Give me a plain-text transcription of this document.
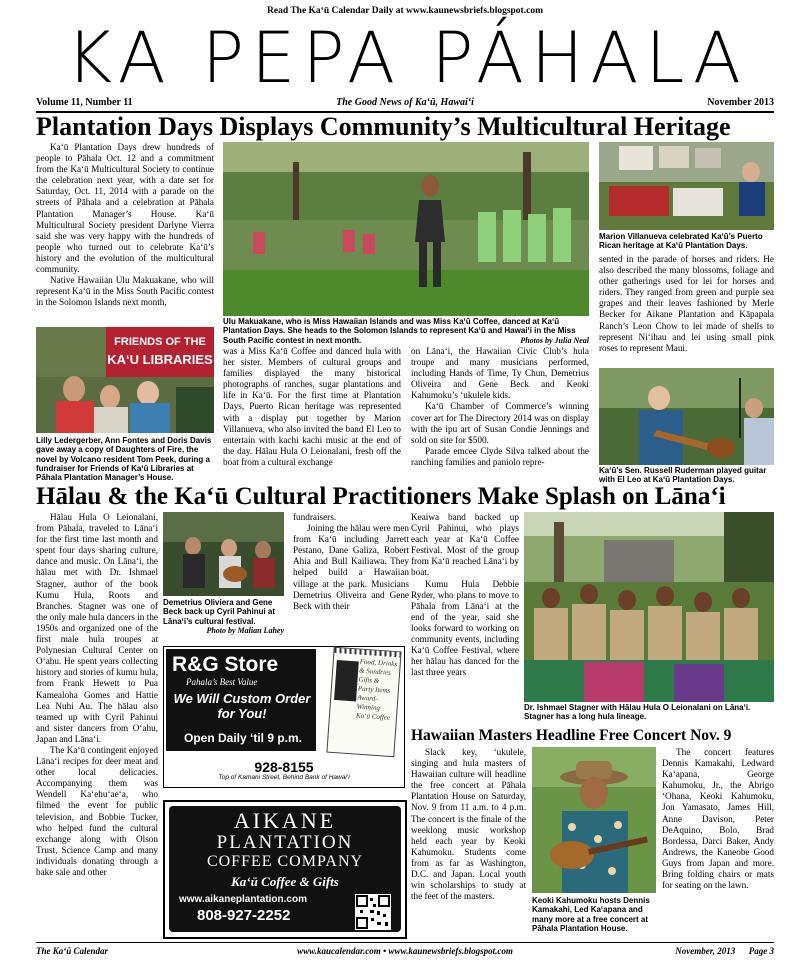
Read The Ka‘ū Calendar Daily at www.kaunewsbriefs.blogspot.com
KA PEPA PÁHALA
Volume 11, Number 11	The Good News of Ka‘ū, Hawai‘i	November 2013
Plantation Days Displays Community’s Multicultural Heritage

Ka‘ū Plantation Days drew hundreds of people to Pāhala Oct. 12 and a commitment from the Ka‘ū Multicultural Society to continue the celebration next year, with a date set for Saturday, Oct. 11, 2014 with a parade on the streets of Pāhala and a celebration at Pāhala Plantation Manager’s House. Ka‘ū Multicultural Society president Darlyne Vierra said she was very happy with the hundreds of people who turned out to celebrate Ka‘ū’s history and the evolution of the multicultural community.

Native Hawaiian Ulu Makuakane, who will represent Ka‘ū in the Miss South Pacific contest in the Solomon Islands next month,

FRIENDS OF THE
KA‘U LIBRARIES
Lilly Ledergerber, Ann Fontes and Doris Davis gave away a copy of Daughters of Fire, the novel by Volcano resident Tom Peek, during a fundraiser for Friends of Ka‘ū Libraries at Pāhala Plantation Manager’s House.
Ulu Makuakane, who is Miss Hawaiian Islands and was Miss Ka‘ū Coffee, danced at Ka‘ū Plantation Days. She heads to the Solomon Islands to represent Ka‘ū and Hawai‘i in the Miss South Pacific contest in next month.	Photos by Julia Neal
was a Miss Ka‘ū Coffee and danced hula with her sister. Members of cultural groups and families displayed the many historical photographs of ranches, sugar plantations and life in Ka‘ū. For the first time at Plantation Days, Puerto Rican heritage was represented with a display put together by Marion Villanueva, who also invited the band El Leo to entertain with kachi kachi music at the end of the day. Hālau Hula O Leionalani, fresh off the boat from a cultural exchange

on Lāna‘i, the Hawaiian Civic Club’s hula troupe and many musicians performed, including Hands of Time, Ty Chun, Demetrius Oliveira and Gene Beck and Keoki Kahumoku’s ‘ukulele kids.

Ka‘ū Chamber of Commerce’s winning cover art for The Directory 2014 was on display with the ipu art of Susan Condie Jennings and sold on site for $500.

Parade emcee Clyde Silva talked about the ranching families and paniolo repre-

Marion Villanueva celebrated Ka‘ū’s Puerto Rican heritage at Ka‘ū Plantation Days.
sented in the parade of horses and riders. He also described the many blossoms, foliage and other gatherings used for lei for horses and riders. They ranged from green and purple sea grapes and their leaves fashioned by Merle Becker for Aikane Plantation and Kāpapala Ranch’s Leon Chow to lei made of shells to represent Ni‘ihau and lei using small pink roses to represent Maui.
Ka‘ū’s Sen. Russell Ruderman played guitar with El Leo at Ka‘ū Plantation Days.
Hālau & the Ka‘ū Cultural Practitioners Make Splash on Lāna‘i

Hālau Hula O Leionalani, from Pāhala, traveled to Lāna‘i for the first time last month and spent four days sharing culture, dance and music. On Lāna‘i, the hālau met with Dr. Ishmael Stagner, author of the book Kumu Hula, Roots and Branches. Stagner was one of the only male hula dancers in the 1950s and organized one of the first male hula troupes at Polynesian Cultural Center on O‘ahu. He spent years collecting history and stories of kumu hula, from Frank Hewett to Pua Kamealoha Gomes and Hattie Lea Nuhi Au. The hālau also teamed up with Cyril Pahinui and sister dancers from O‘ahu, Japan and Lāna‘i.

The Ka‘ū contingent enjoyed Lāna‘i recipes for deer meat and other local delicacies. Accompanying them was Wendell Ka‘ehu‘ae‘a, who filmed the event for public television, and Bobbie Tucker, who helped fund the cultural exchange along with Olson Trust, Science Camp and many individuals donating through a bake sale and other

Demetrius Oliviera and Gene Beck back up Cyril Pahinui at Lāna‘i’s cultural festival.
Photo by Malian Lahey

fundraisers.

Joining the hālau were men from Ka‘ū including Jarrett Pestano, Dane Galiza, Robert Ahia and Bull Kailiawa. They helped build a Hawaiian village at the park. Musicians Demetrius Oliveira and Gene Beck with their

Keaiwa band backed up Cyril Pahinui, who plays each year at Ka‘ū Coffee Festival. Most of the group from Ka‘ū reached Lāna‘i by boat.

Kumu Hula Debbie Ryder, who plans to move to Pāhala from Lāna‘i at the end of the year, said she looks forward to working on community events, including Ka‘ū Coffee Festival, where her hālau has danced for the last three years

Dr. Ishmael Stagner with Hālau Hula O Leionalani on Lāna‘i. Stagner has a long hula lineage.
Hawaiian Masters Headline Free Concert Nov. 9
Slack key, ‘ukulele, singing and hula masters of Hawaiian culture will headline the free concert at Pāhala Plantation House on Saturday, Nov. 9 from 11 a.m. to 4 p.m. The concert is the finale of the weeklong music workshop held each year by Keoki Kahumoku. Students come from as far as Washington, D.C. and Japan. Local youth win scholarships to study at the feet of the masters.	Keoki Kahumoku hosts Dennis Kamakahi, Led Ka‘apana and many more at a free concert at Pāhala Plantation House.
The concert features Dennis Kamakahi, Ledward Ka‘apana, George Kahumoku, Jr., the Abrigo ‘Ohana, Keoki Kahumoku, Jon Yamasato, James Hill, Anne Davison, Peter DeAquino, Bolo, Brad Bordessa, Darci Baker, Andy Andrews, the Kaneobe Good Guys from Japan and more. Bring folding chairs or mats for seating on the lawn.
R&G Store
Pahala’s Best Value
We Will Custom Order
for You!
Open Daily ‘til 9 p.m.
Food, Drinks & Sundries Gifts & Party Items Award-Winning Ka‘ū Coffee
928-8155
Top of Kamani Street, Behind Bank of Hawai‘i
AIKANE
PLANTATION
COFFEE COMPANY
Ka‘ū Coffee & Gifts
www.aikaneplantation.com
808-927-2252
The Ka‘ū Calendar	www.kaucalendar.com • www.kaunewsbriefs.blogspot.com	November, 2013      Page 3
